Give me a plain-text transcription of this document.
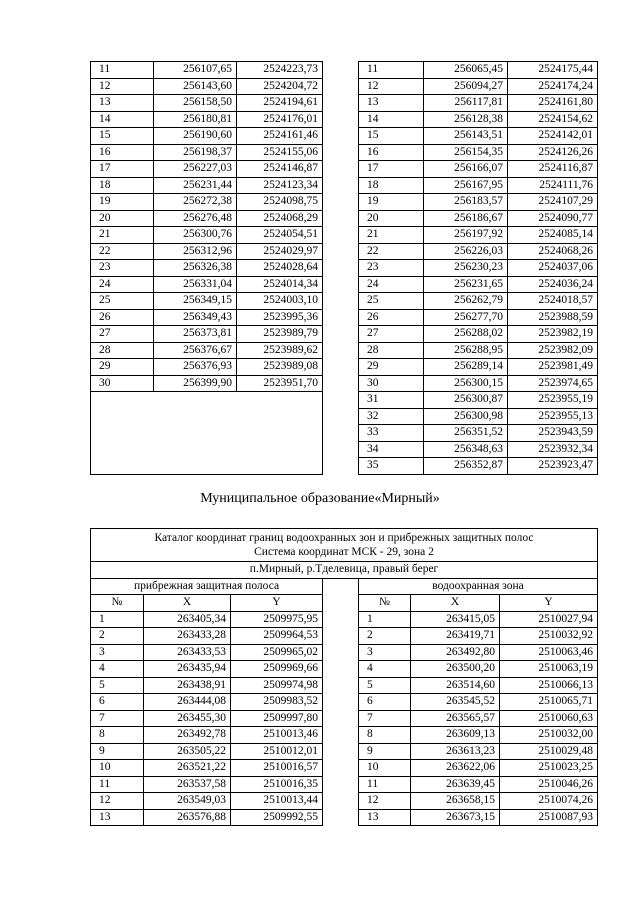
11	256107,65	2524223,73		11	256065,45	2524175,44
12	256143,60	2524204,72		12	256094,27	2524174,24
13	256158,50	2524194,61		13	256117,81	2524161,80
14	256180,81	2524176,01		14	256128,38	2524154,62
15	256190,60	2524161,46		15	256143,51	2524142,01
16	256198,37	2524155,06		16	256154,35	2524126,26
17	256227,03	2524146,87		17	256166,07	2524116,87
18	256231,44	2524123,34		18	256167,95	2524111,76
19	256272,38	2524098,75		19	256183,57	2524107,29
20	256276,48	2524068,29		20	256186,67	2524090,77
21	256300,76	2524054,51		21	256197,92	2524085,14
22	256312,96	2524029,97		22	256226,03	2524068,26
23	256326,38	2524028,64		23	256230,23	2524037,06
24	256331,04	2524014,34		24	256231,65	2524036,24
25	256349,15	2524003,10		25	256262,79	2524018,57
26	256349,43	2523995,36		26	256277,70	2523988,59
27	256373,81	2523989,79		27	256288,02	2523982,19
28	256376,67	2523989,62		28	256288,95	2523982,09
29	256376,93	2523989,08		29	256289,14	2523981,49
30	256399,90	2523951,70		30	256300,15	2523974,65
				31	256300,87	2523955,19
				32	256300,98	2523955,13
				33	256351,52	2523943,59
				34	256348,63	2523932,34
				35	256352,87	2523923,47
Муниципальное образование«Мирный»
Каталог координат границ водоохранных зон и прибрежных защитных полос
Система координат МСК - 29, зона 2						

п.Мирный, р.Тделевица, правый берег						
прибрежная защитная полоса				водоохранная зона		
№	X	Y		№	X	Y
1	263405,34	2509975,95		1	263415,05	2510027,94
2	263433,28	2509964,53		2	263419,71	2510032,92
3	263433,53	2509965,02		3	263492,80	2510063,46
4	263435,94	2509969,66		4	263500,20	2510063,19
5	263438,91	2509974,98		5	263514,60	2510066,13
6	263444,08	2509983,52		6	263545,52	2510065,71
7	263455,30	2509997,80		7	263565,57	2510060,63
8	263492,78	2510013,46		8	263609,13	2510032,00
9	263505,22	2510012,01		9	263613,23	2510029,48
10	263521,22	2510016,57		10	263622,06	2510023,25
11	263537,58	2510016,35		11	263639,45	2510046,26
12	263549,03	2510013,44		12	263658,15	2510074,26
13	263576,88	2509992,55		13	263673,15	2510087,93
